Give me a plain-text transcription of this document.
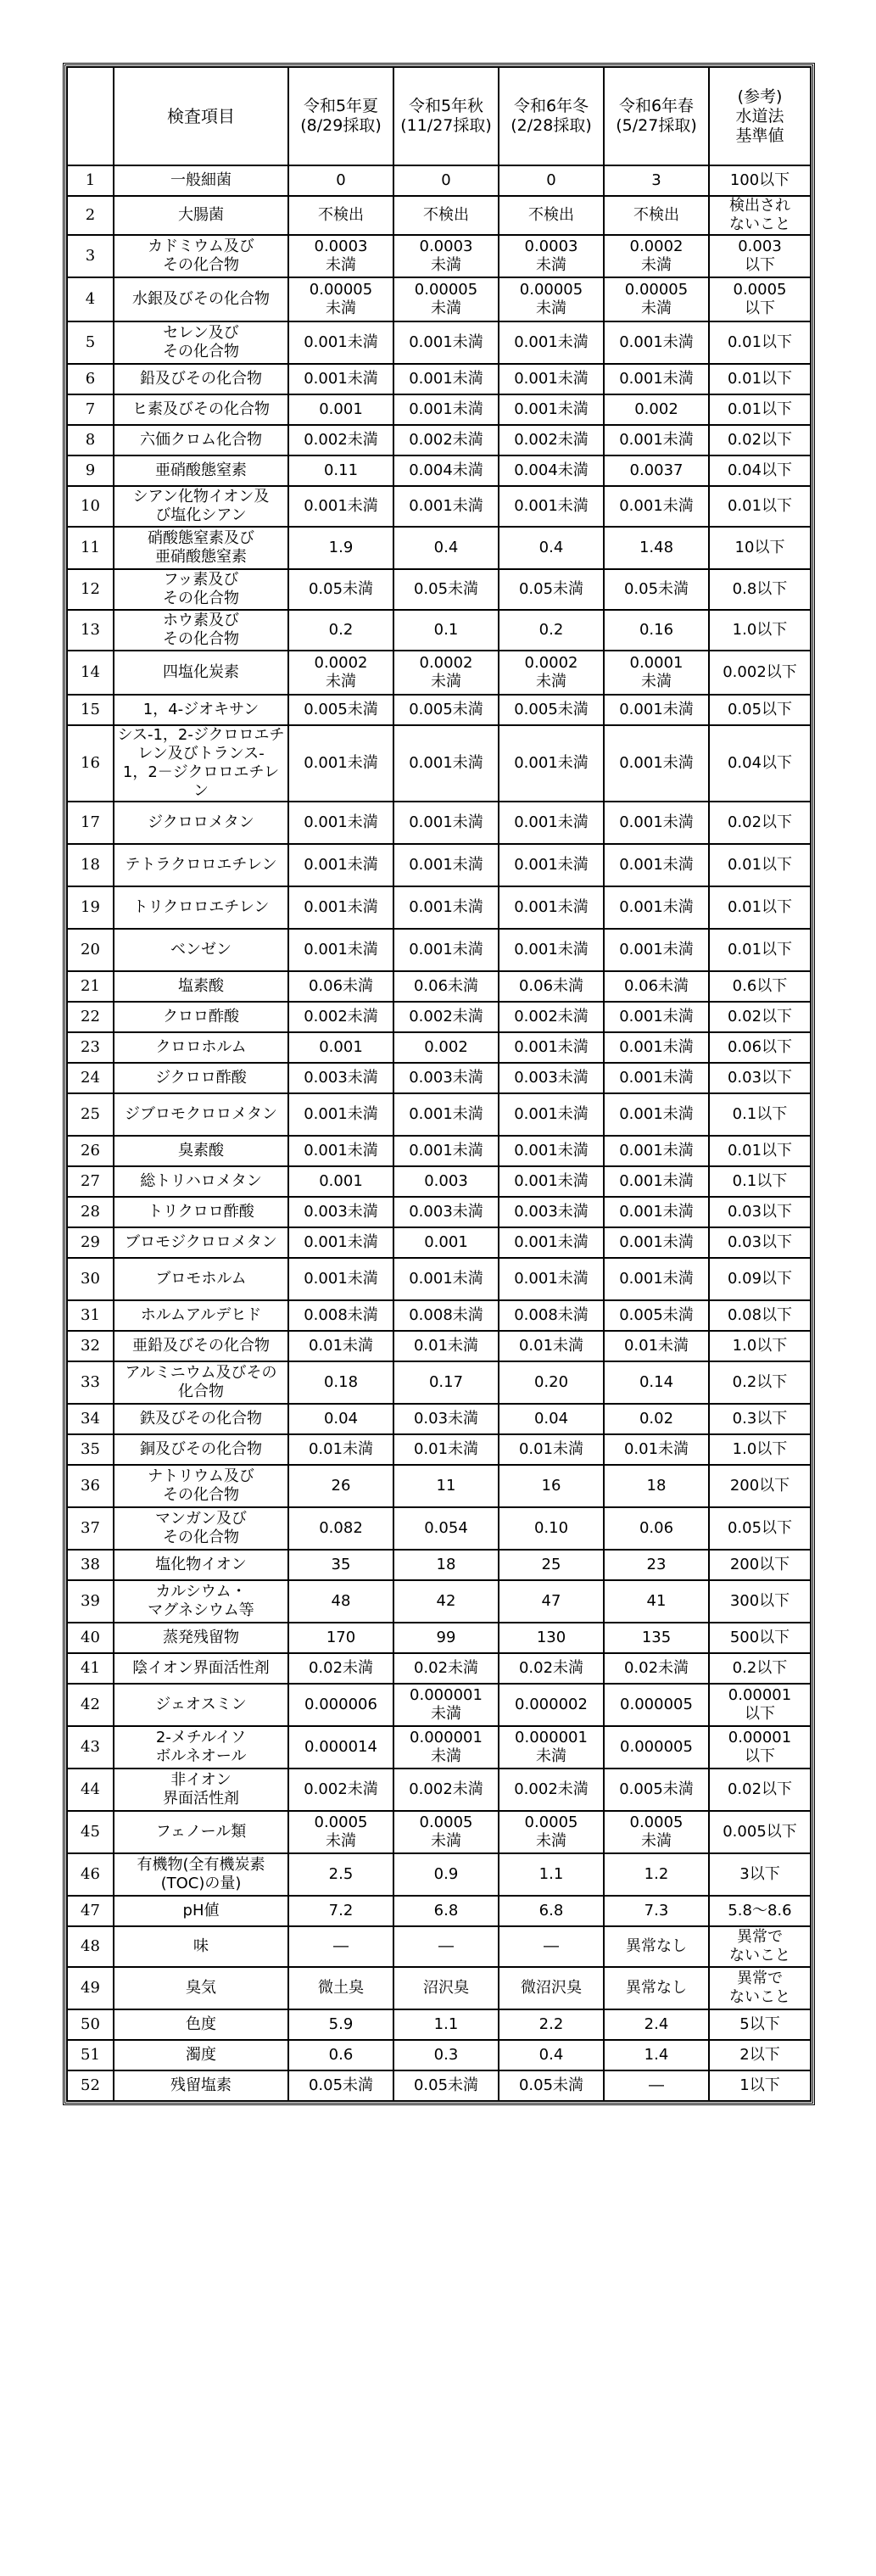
	検査項目	令和5年夏
(8/29採取)	令和5年秋
(11/27採取)	令和6年冬
(2/28採取)	令和6年春
(5/27採取)	(参考)
水道法
基準値
1	一般細菌	0	0	0	3	100以下
2	大腸菌	不検出	不検出	不検出	不検出	検出され
ないこと
3	カドミウム及び
その化合物	0.0003
未満	0.0003
未満	0.0003
未満	0.0002
未満	0.003
以下
4	水銀及びその化合物	0.00005
未満	0.00005
未満	0.00005
未満	0.00005
未満	0.0005
以下
5	セレン及び
その化合物	0.001未満	0.001未満	0.001未満	0.001未満	0.01以下
6	鉛及びその化合物	0.001未満	0.001未満	0.001未満	0.001未満	0.01以下
7	ヒ素及びその化合物	0.001	0.001未満	0.001未満	0.002	0.01以下
8	六価クロム化合物	0.002未満	0.002未満	0.002未満	0.001未満	0.02以下
9	亜硝酸態窒素	0.11	0.004未満	0.004未満	0.0037	0.04以下
10	シアン化物イオン及
び塩化シアン	0.001未満	0.001未満	0.001未満	0.001未満	0.01以下
11	硝酸態窒素及び
亜硝酸態窒素	1.9	0.4	0.4	1.48	10以下
12	フッ素及び
その化合物	0.05未満	0.05未満	0.05未満	0.05未満	0.8以下
13	ホウ素及び
その化合物	0.2	0.1	0.2	0.16	1.0以下
14	四塩化炭素	0.0002
未満	0.0002
未満	0.0002
未満	0.0001
未満	0.002以下
15	1，4-ジオキサン	0.005未満	0.005未満	0.005未満	0.001未満	0.05以下
16	シス-1，2-ジクロロエチ
レン及びトランス-
1，2－ジクロロエチレン	0.001未満	0.001未満	0.001未満	0.001未満	0.04以下
17	ジクロロメタン	0.001未満	0.001未満	0.001未満	0.001未満	0.02以下
18	テトラクロロエチレン	0.001未満	0.001未満	0.001未満	0.001未満	0.01以下
19	トリクロロエチレン	0.001未満	0.001未満	0.001未満	0.001未満	0.01以下
20	ベンゼン	0.001未満	0.001未満	0.001未満	0.001未満	0.01以下
21	塩素酸	0.06未満	0.06未満	0.06未満	0.06未満	0.6以下
22	クロロ酢酸	0.002未満	0.002未満	0.002未満	0.001未満	0.02以下
23	クロロホルム	0.001	0.002	0.001未満	0.001未満	0.06以下
24	ジクロロ酢酸	0.003未満	0.003未満	0.003未満	0.001未満	0.03以下
25	ジブロモクロロメタン	0.001未満	0.001未満	0.001未満	0.001未満	0.1以下
26	臭素酸	0.001未満	0.001未満	0.001未満	0.001未満	0.01以下
27	総トリハロメタン	0.001	0.003	0.001未満	0.001未満	0.1以下
28	トリクロロ酢酸	0.003未満	0.003未満	0.003未満	0.001未満	0.03以下
29	ブロモジクロロメタン	0.001未満	0.001	0.001未満	0.001未満	0.03以下
30	ブロモホルム	0.001未満	0.001未満	0.001未満	0.001未満	0.09以下
31	ホルムアルデヒド	0.008未満	0.008未満	0.008未満	0.005未満	0.08以下
32	亜鉛及びその化合物	0.01未満	0.01未満	0.01未満	0.01未満	1.0以下
33	アルミニウム及びその
化合物	0.18	0.17	0.20	0.14	0.2以下
34	鉄及びその化合物	0.04	0.03未満	0.04	0.02	0.3以下
35	銅及びその化合物	0.01未満	0.01未満	0.01未満	0.01未満	1.0以下
36	ナトリウム及び
その化合物	26	11	16	18	200以下
37	マンガン及び
その化合物	0.082	0.054	0.10	0.06	0.05以下
38	塩化物イオン	35	18	25	23	200以下
39	カルシウム・
マグネシウム等	48	42	47	41	300以下
40	蒸発残留物	170	99	130	135	500以下
41	陰イオン界面活性剤	0.02未満	0.02未満	0.02未満	0.02未満	0.2以下
42	ジェオスミン	0.000006	0.000001
未満	0.000002	0.000005	0.00001
以下
43	2-メチルイソ
ボルネオール	0.000014	0.000001
未満	0.000001
未満	0.000005	0.00001
以下
44	非イオン
界面活性剤	0.002未満	0.002未満	0.002未満	0.005未満	0.02以下
45	フェノール類	0.0005
未満	0.0005
未満	0.0005
未満	0.0005
未満	0.005以下
46	有機物(全有機炭素
(TOC)の量)	2.5	0.9	1.1	1.2	3以下
47	pH値	7.2	6.8	6.8	7.3	5.8～8.6
48	味	―	―	―	異常なし	異常で
ないこと
49	臭気	微土臭	沼沢臭	微沼沢臭	異常なし	異常で
ないこと
50	色度	5.9	1.1	2.2	2.4	5以下
51	濁度	0.6	0.3	0.4	1.4	2以下
52	残留塩素	0.05未満	0.05未満	0.05未満	―	1以下
